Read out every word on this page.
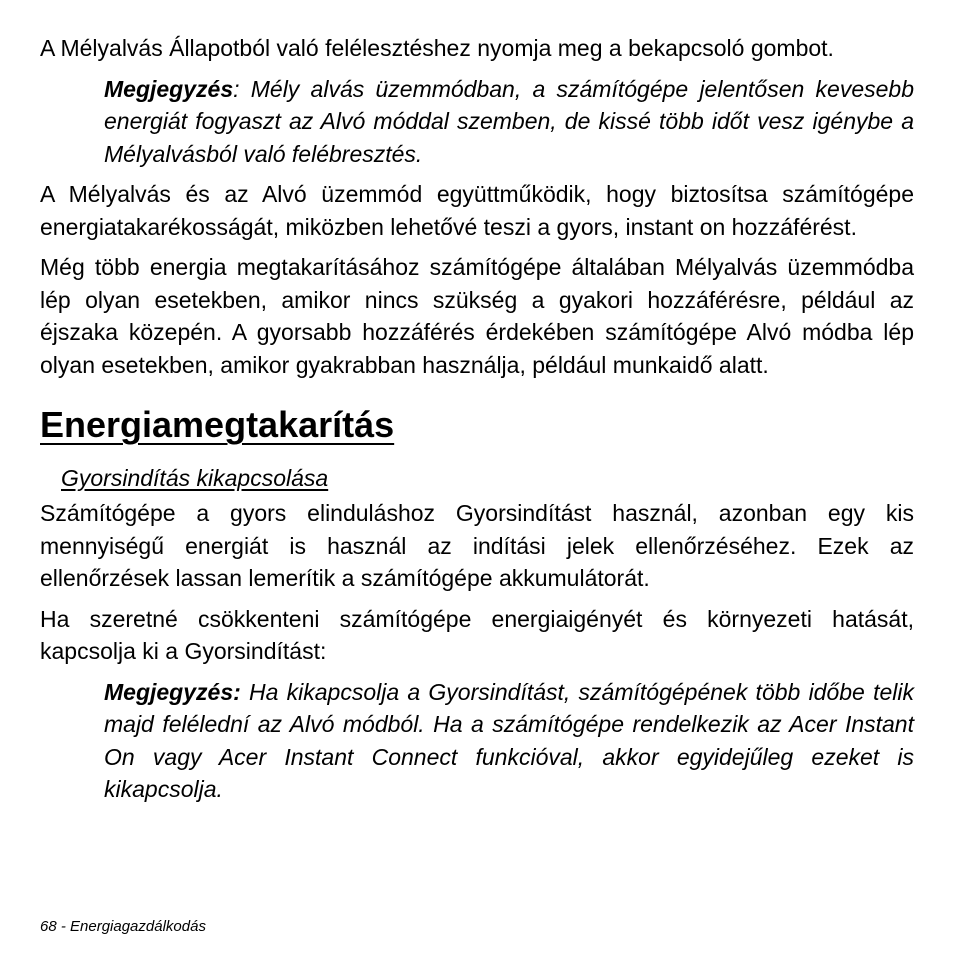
A Mélyalvás Állapotból való felélesztéshez nyomja meg a bekapcsoló gombot.

Megjegyzés: Mély alvás üzemmódban, a számítógépe jelentősen kevesebb energiát fogyaszt az Alvó móddal szemben, de kissé több időt vesz igénybe a Mélyalvásból való felébresztés.

A Mélyalvás és az Alvó üzemmód együttműködik, hogy biztosítsa számítógépe energiatakarékosságát, miközben lehetővé teszi a gyors, instant on hozzáférést.

Még több energia megtakarításához számítógépe általában Mélyalvás üzemmódba lép olyan esetekben, amikor nincs szükség a gyakori hozzáférésre, például az éjszaka közepén. A gyorsabb hozzáférés érdekében számítógépe Alvó módba lép olyan esetekben, amikor gyakrabban használja, például munkaidő alatt.

Energiamegtakarítás
Gyorsindítás kikapcsolása

Számítógépe a gyors elinduláshoz Gyorsindítást használ, azonban egy kis mennyiségű energiát is használ az indítási jelek ellenőrzéséhez. Ezek az ellenőrzések lassan lemerítik a számítógépe akkumulátorát.

Ha szeretné csökkenteni számítógépe energiaigényét és környezeti hatását, kapcsolja ki a Gyorsindítást:

Megjegyzés: Ha kikapcsolja a Gyorsindítást, számítógépének több időbe telik majd felélední az Alvó módból. Ha a számítógépe rendelkezik az Acer Instant On vagy Acer Instant Connect funkcióval, akkor egyidejűleg ezeket is kikapcsolja.

68 - Energiagazdálkodás
